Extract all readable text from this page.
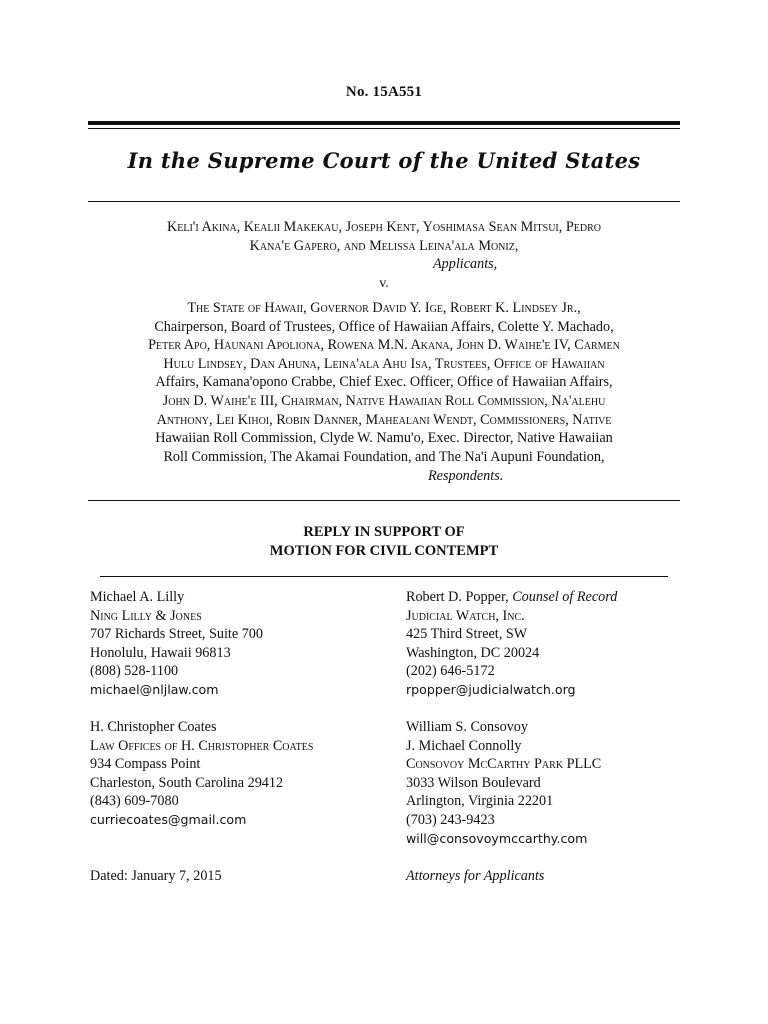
No. 15A551
In the Supreme Court of the United States
Keli'i Akina, Kealii Makekau, Joseph Kent, Yoshimasa Sean Mitsui, Pedro
Kana'e Gapero, and Melissa Leina'ala Moniz,
Applicants,
v.
The State of Hawaii, Governor David Y. Ige, Robert K. Lindsey Jr.,
Chairperson, Board of Trustees, Office of Hawaiian Affairs, Colette Y. Machado,
Peter Apo, Haunani Apoliona, Rowena M.N. Akana, John D. Waihe'e IV, Carmen
Hulu Lindsey, Dan Ahuna, Leina'ala Ahu Isa, Trustees, Office of Hawaiian
Affairs, Kamana'opono Crabbe, Chief Exec. Officer, Office of Hawaiian Affairs,
John D. Waihe'e III, Chairman, Native Hawaiian Roll Commission, Na'alehu
Anthony, Lei Kihoi, Robin Danner, Mahealani Wendt, Commissioners, Native
Hawaiian Roll Commission, Clyde W. Namu'o, Exec. Director, Native Hawaiian
Roll Commission, The Akamai Foundation, and The Na'i Aupuni Foundation,
Respondents.
REPLY IN SUPPORT OF
MOTION FOR CIVIL CONTEMPT
Michael A. Lilly
Ning Lilly & Jones
707 Richards Street, Suite 700
Honolulu, Hawaii 96813
(808) 528-1100
michael@nljlaw.com
H. Christopher Coates
Law Offices of H. Christopher Coates
934 Compass Point
Charleston, South Carolina 29412
(843) 609-7080
curriecoates@gmail.com
Robert D. Popper, Counsel of Record
Judicial Watch, Inc.
425 Third Street, SW
Washington, DC 20024
(202) 646-5172
rpopper@judicialwatch.org
William S. Consovoy
J. Michael Connolly
Consovoy McCarthy Park PLLC
3033 Wilson Boulevard
Arlington, Virginia 22201
(703) 243-9423
will@consovoymccarthy.com
Dated: January 7, 2015	Attorneys for Applicants
